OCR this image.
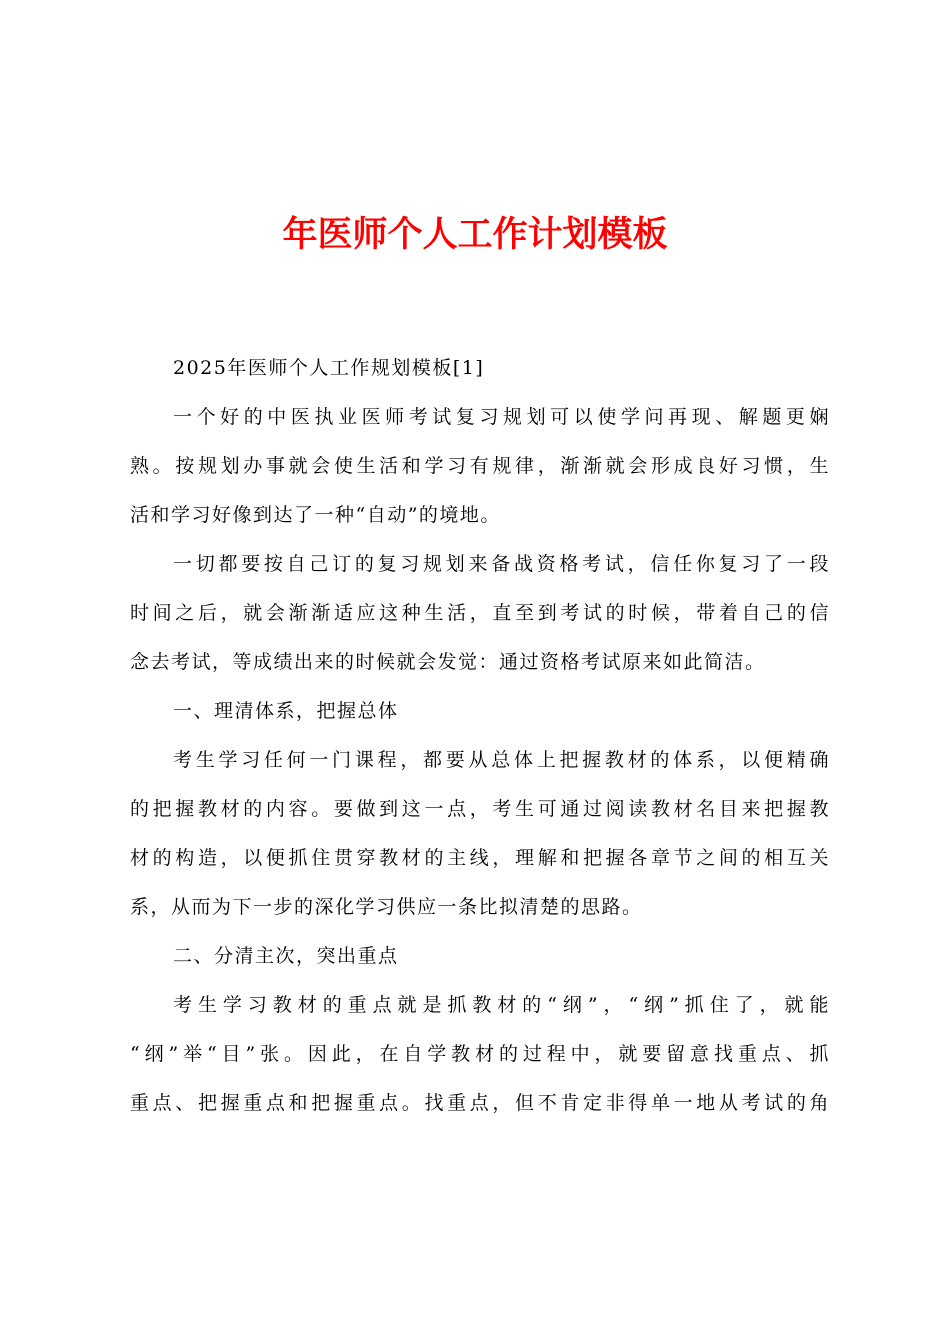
年医师个人工作计划模板
2025年医师个人工作规划模板[1]
一个好的中医执业医师考试复习规划可以使学问再现、解题更娴
熟。按规划办事就会使生活和学习有规律，渐渐就会形成良好习惯，生
活和学习好像到达了一种“自动”的境地。
一切都要按自己订的复习规划来备战资格考试，信任你复习了一段
时间之后，就会渐渐适应这种生活，直至到考试的时候，带着自己的信
念去考试，等成绩出来的时候就会发觉：通过资格考试原来如此简洁。
一、理清体系，把握总体
考生学习任何一门课程，都要从总体上把握教材的体系，以便精确
的把握教材的内容。要做到这一点，考生可通过阅读教材名目来把握教
材的构造，以便抓住贯穿教材的主线，理解和把握各章节之间的相互关
系，从而为下一步的深化学习供应一条比拟清楚的思路。
二、分清主次，突出重点
考生学习教材的重点就是抓教材的“纲”，“纲”抓住了，就能
“纲”举“目”张。因此，在自学教材的过程中，就要留意找重点、抓
重点、把握重点和把握重点。找重点，但不肯定非得单一地从考试的角
